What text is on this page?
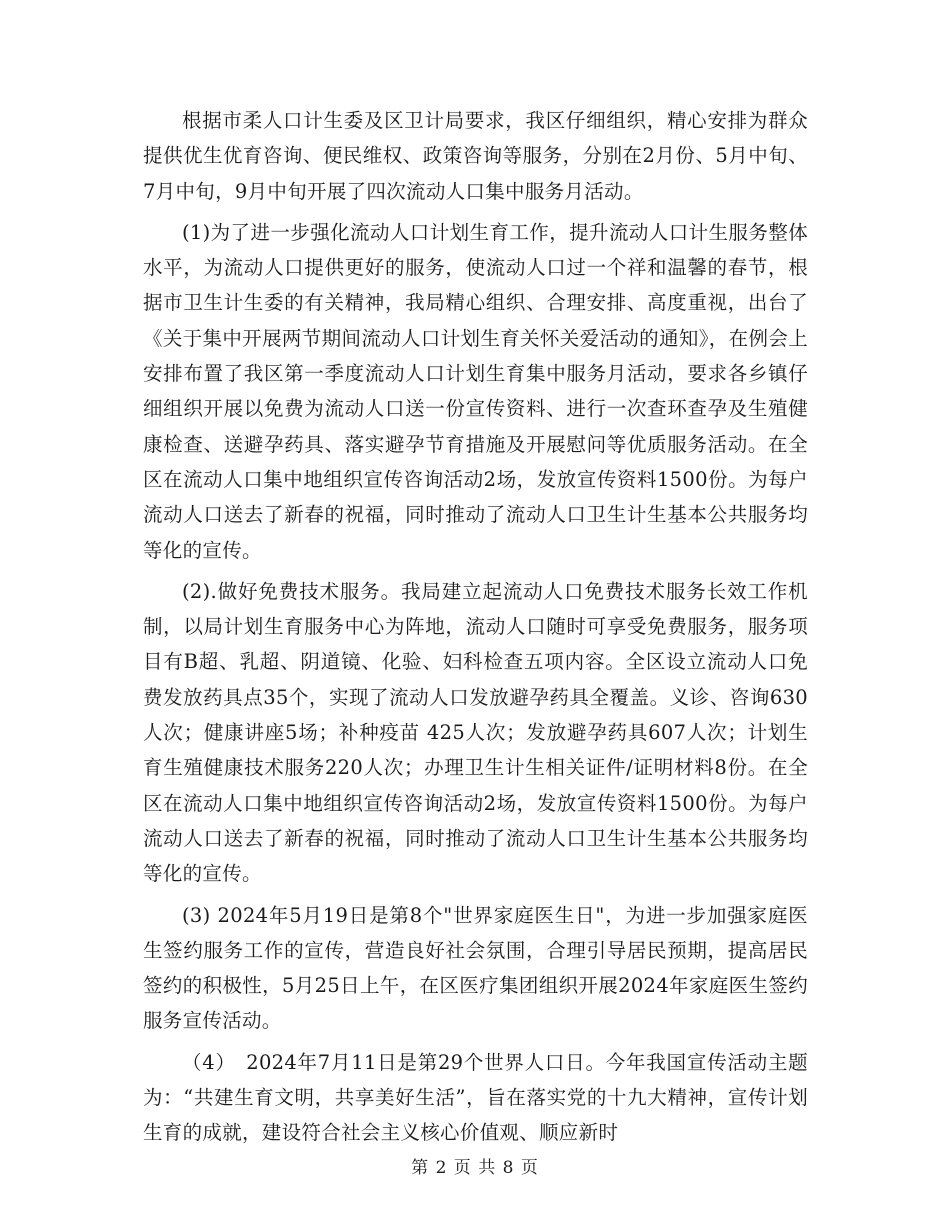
根据市柔人口计生委及区卫计局要求，我区仔细组织，精心安排为群众提供优生优育咨询、便民维权、政策咨询等服务，分别在2月份、5月中旬、7月中旬，9月中旬开展了四次流动人口集中服务月活动。

(1)为了进一步强化流动人口计划生育工作，提升流动人口计生服务整体水平，为流动人口提供更好的服务，使流动人口过一个祥和温馨的春节，根据市卫生计生委的有关精神，我局精心组织、合理安排、高度重视，出台了《关于集中开展两节期间流动人口计划生育关怀关爱活动的通知》，在例会上安排布置了我区第一季度流动人口计划生育集中服务月活动，要求各乡镇仔细组织开展以免费为流动人口送一份宣传资料、进行一次查环查孕及生殖健康检查、送避孕药具、落实避孕节育措施及开展慰问等优质服务活动。在全区在流动人口集中地组织宣传咨询活动2场，发放宣传资料1500份。为每户流动人口送去了新春的祝福，同时推动了流动人口卫生计生基本公共服务均等化的宣传。

(2).做好免费技术服务。我局建立起流动人口免费技术服务长效工作机制，以局计划生育服务中心为阵地，流动人口随时可享受免费服务，服务项目有B超、乳超、阴道镜、化验、妇科检查五项内容。全区设立流动人口免费发放药具点35个，实现了流动人口发放避孕药具全覆盖。义诊、咨询630人次；健康讲座5场；补种疫苗 425人次；发放避孕药具607人次；计划生育生殖健康技术服务220人次；办理卫生计生相关证件/证明材料8份。在全区在流动人口集中地组织宣传咨询活动2场，发放宣传资料1500份。为每户流动人口送去了新春的祝福，同时推动了流动人口卫生计生基本公共服务均等化的宣传。

(3) 2024年5月19日是第8个"世界家庭医生日"，为进一步加强家庭医生签约服务工作的宣传，营造良好社会氛围，合理引导居民预期，提高居民签约的积极性，5月25日上午，在区医疗集团组织开展2024年家庭医生签约服务宣传活动。

（4）　2024年7月11日是第29个世界人口日。今年我国宣传活动主题为：“共建生育文明，共享美好生活”，旨在落实党的十九大精神，宣传计划生育的成就，建设符合社会主义核心价值观、顺应新时

第 2 页 共 8 页
